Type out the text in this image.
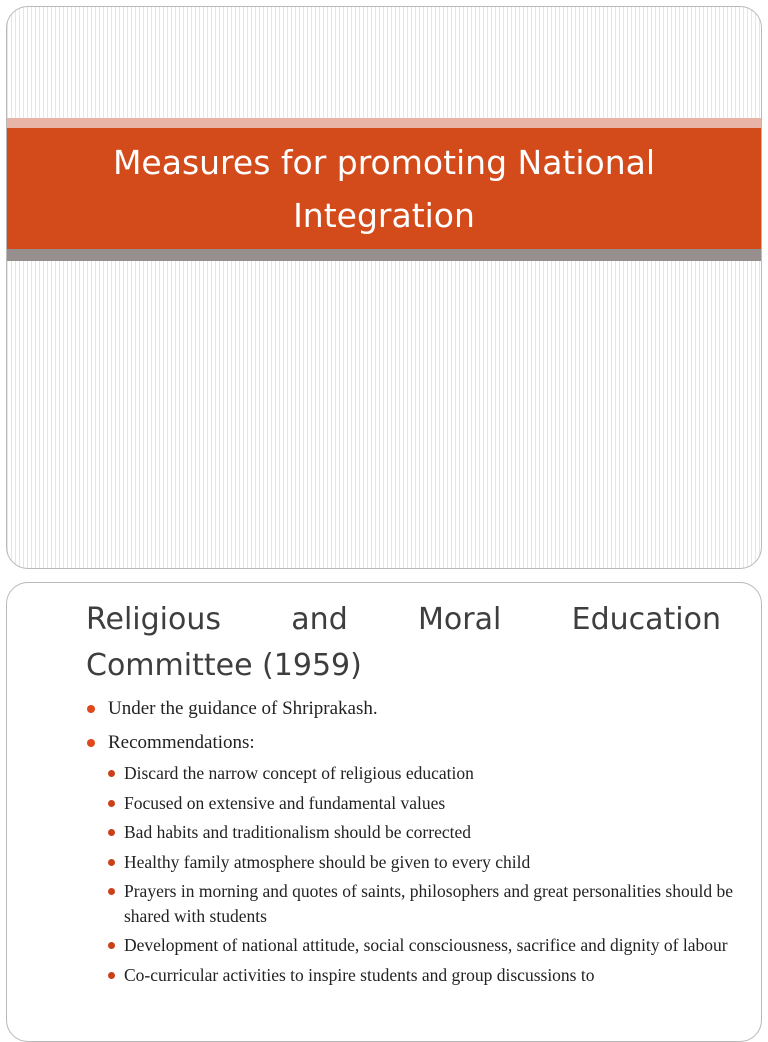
Measures for promoting National Integration
Religious and Moral Education
Committee (1959)
Under the guidance of Shriprakash.
Recommendations:
Discard the narrow concept of religious education
Focused on extensive and fundamental values
Bad habits and traditionalism should be corrected
Healthy family atmosphere should be given to every child
Prayers in morning and quotes of saints, philosophers and great personalities should be shared with students
Development of national attitude, social consciousness, sacrifice and dignity of labour
Co-curricular activities to inspire students and group discussions to
